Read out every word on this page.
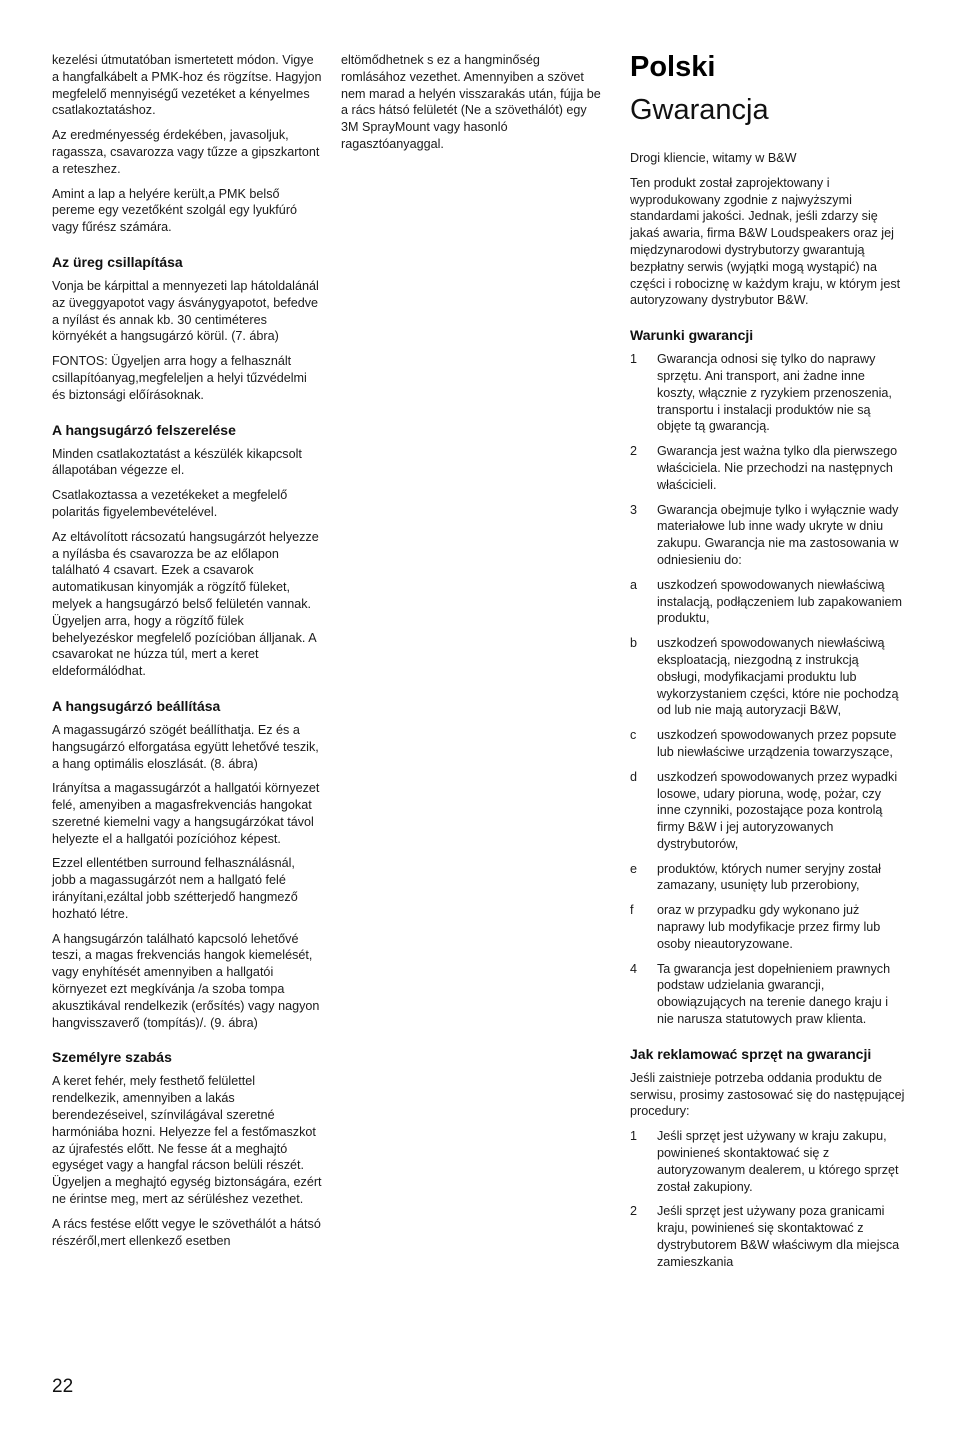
kezelési útmutatóban ismertetett módon. Vigye a hangfalkábelt a PMK-hoz és rögzítse. Hagyjon megfelelő mennyiségű vezetéket a kényelmes csatlakoztatáshoz.

Az eredményesség érdekében, javasoljuk, ragassza, csavarozza vagy tűzze a gipszkartont a reteszhez.

Amint a lap a helyére került,a PMK belső pereme egy vezetőként szolgál egy lyukfúró vagy fűrész számára.

Az üreg csillapítása

Vonja be kárpittal a mennyezeti lap hátoldalánál az üveggyapotot vagy ásványgyapotot, befedve a nyílást és annak kb. 30 centiméteres környékét a hangsugárzó körül. (7. ábra)

FONTOS: Ügyeljen arra hogy a felhasznált csillapítóanyag,megfeleljen a helyi tűzvédelmi és biztonsági előírásoknak.

A hangsugárzó felszerelése

Minden csatlakoztatást a készülék kikapcsolt állapotában végezze el.

Csatlakoztassa a vezetékeket a megfelelő polaritás figyelembevételével.

Az eltávolított rácsozatú hangsugárzót helyezze a nyílásba és csavarozza be az előlapon található 4 csavart. Ezek a csavarok automatikusan kinyomják a rögzítő füleket, melyek a hangsugárzó belső felületén vannak. Ügyeljen arra, hogy a rögzítő fülek behelyezéskor megfelelő pozícióban álljanak. A csavarokat ne húzza túl, mert a keret eldeformálódhat.

A hangsugárzó beállítása

A magassugárzó szögét beállíthatja. Ez és a hangsugárzó elforgatása együtt lehetővé teszik, a hang optimális eloszlását. (8. ábra)

Irányítsa a magassugárzót a hallgatói környezet felé, amenyiben a magasfrekvenciás hangokat szeretné kiemelni vagy a hangsugárzókat távol helyezte el a hallgatói pozícióhoz képest.

Ezzel ellentétben surround felhasználásnál, jobb a magassugárzót nem a hallgató felé irányítani,ezáltal jobb szétterjedő hangmező hozható létre.

A hangsugárzón található kapcsoló lehetővé teszi, a magas frekvenciás hangok kiemelését, vagy enyhítését amennyiben a hallgatói környezet ezt megkívánja /a szoba tompa akusztikával rendelkezik (erősítés) vagy nagyon hangvisszaverő (tompítás)/. (9. ábra)

Személyre szabás

A keret fehér, mely festhető felülettel rendelkezik, amennyiben a lakás berendezéseivel, színvilágával szeretné harmóniába hozni. Helyezze fel a festőmaszkot az újrafestés előtt. Ne fesse át a meghajtó egységet vagy a hangfal rácson belüli részét. Ügyeljen a meghajtó egység biztonságára, ezért ne érintse meg, mert az sérüléshez vezethet.

A rács festése előtt vegye le szövethálót a hátsó részéről,mert ellenkező esetben

eltömődhetnek s ez a hangminőség romlásához vezethet. Amennyiben a szövet nem marad a helyén visszarakás után, fújja be a rács hátsó felületét (Ne a szövethálót) egy 3M SprayMount vagy hasonló ragasztóanyaggal.

Polski
Gwarancja

Drogi kliencie, witamy w B&W

Ten produkt został zaprojektowany i wyprodukowany zgodnie z najwyższymi standardami jakości. Jednak, jeśli zdarzy się jakaś awaria, firma B&W Loudspeakers oraz jej międzynarodowi dystrybutorzy gwarantują bezpłatny serwis (wyjątki mogą wystąpić) na części i robociznę w każdym kraju, w którym jest autoryzowany dystrybutor B&W.

Warunki gwarancji
1 Gwarancja odnosi się tylko do naprawy sprzętu. Ani transport, ani żadne inne koszty, włącznie z ryzykiem przenoszenia, transportu i instalacji produktów nie są objęte tą gwarancją.
2 Gwarancja jest ważna tylko dla pierwszego właściciela. Nie przechodzi na następnych właścicieli.
3 Gwarancja obejmuje tylko i wyłącznie wady materiałowe lub inne wady ukryte w dniu zakupu. Gwarancja nie ma zastosowania w odniesieniu do:
a uszkodzeń spowodowanych niewłaściwą instalacją, podłączeniem lub zapakowaniem produktu,
b uszkodzeń spowodowanych niewłaściwą eksploatacją, niezgodną z instrukcją obsługi, modyfikacjami produktu lub wykorzystaniem części, które nie pochodzą od lub nie mają autoryzacji B&W,
c uszkodzeń spowodowanych przez popsute lub niewłaściwe urządzenia towarzyszące,
d uszkodzeń spowodowanych przez wypadki losowe, udary pioruna, wodę, pożar, czy inne czynniki, pozostające poza kontrolą firmy B&W i jej autoryzowanych dystrybutorów,
e produktów, których numer seryjny został zamazany, usunięty lub przerobiony,
f oraz w przypadku gdy wykonano już naprawy lub modyfikacje przez firmy lub osoby nieautoryzowane.
4 Ta gwarancja jest dopełnieniem prawnych podstaw udzielania gwarancji, obowiązujących na terenie danego kraju i nie narusza statutowych praw klienta.
Jak reklamować sprzęt na gwarancji

Jeśli zaistnieje potrzeba oddania produktu de serwisu, prosimy zastosować się do następującej procedury:

1 Jeśli sprzęt jest używany w kraju zakupu, powinieneś skontaktować się z autoryzowanym dealerem, u którego sprzęt został zakupiony.
2 Jeśli sprzęt jest używany poza granicami kraju, powinieneś się skontaktować z dystrybutorem B&W właściwym dla miejsca zamieszkania
22
